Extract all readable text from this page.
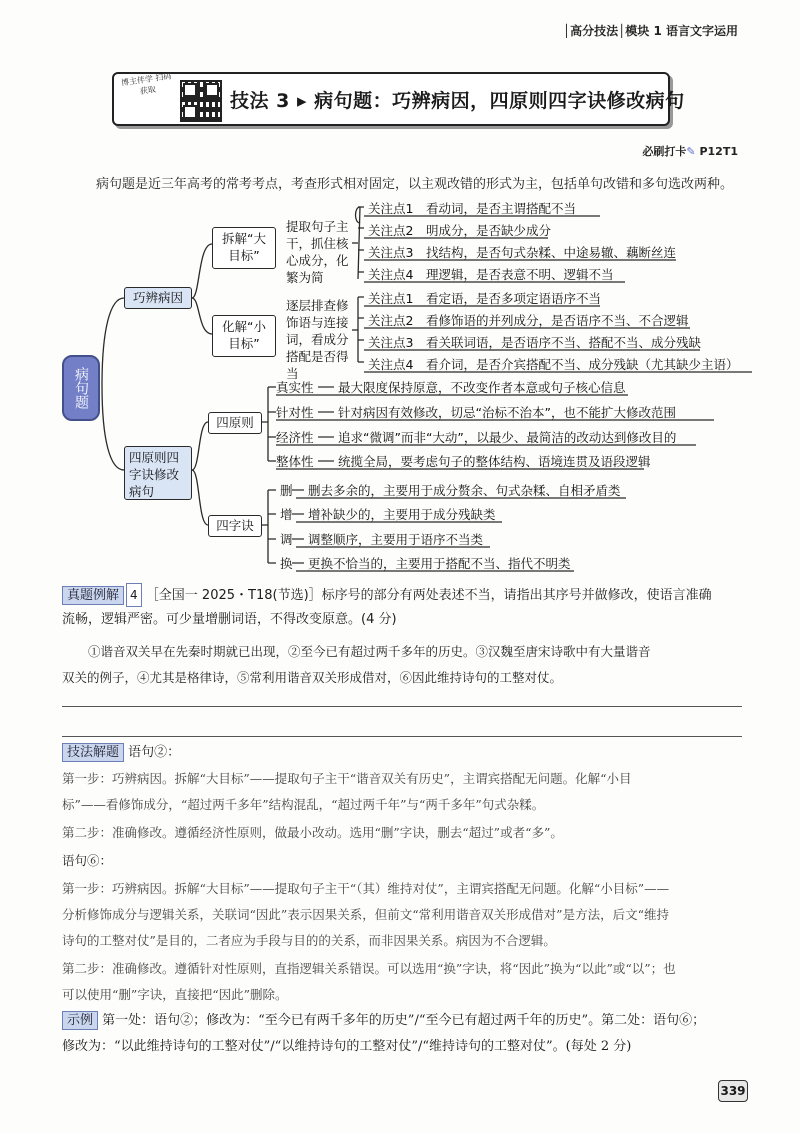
│高分技法│模块 1 语言文字运用
博主伴学 扫码获取	技法 3 ▸ 病句题：巧辨病因，四原则四字诀修改病句
必刷打卡✎ P12T1
病句题是近三年高考的常考考点，考查形式相对固定，以主观改错的形式为主，包括单句改错和多句选改两种。
病句题
巧辨病因
拆解“大目标”
提取句子主干，抓住核心成分，化繁为简
关注点1　看动词，是否主谓搭配不当
关注点2　明成分，是否缺少成分
关注点3　找结构，是否句式杂糅、中途易辙、藕断丝连
关注点4　理逻辑，是否表意不明、逻辑不当
化解“小目标”
逐层排查修饰语与连接词，看成分搭配是否得当
关注点1　看定语，是否多项定语语序不当
关注点2　看修饰语的并列成分，是否语序不当、不合逻辑
关注点3　看关联词语，是否语序不当、搭配不当、成分残缺
关注点4　看介词，是否介宾搭配不当、成分残缺（尤其缺少主语）
四原则四字诀修改病句
四原则
真实性	最大限度保持原意，不改变作者本意或句子核心信息
针对性	针对病因有效修改，切忌“治标不治本”，也不能扩大修改范围
经济性	追求“微调”而非“大动”，以最少、最简洁的改动达到修改目的
整体性	统揽全局，要考虑句子的整体结构、语境连贯及语段逻辑
四字诀
删	删去多余的，主要用于成分赘余、句式杂糅、自相矛盾类
增	增补缺少的，主要用于成分残缺类
调	调整顺序，主要用于语序不当类
换	更换不恰当的，主要用于搭配不当、指代不明类
真题例解 4 ［全国一 2025・T18(节选)］标序号的部分有两处表述不当，请指出其序号并做修改，使语言准确
流畅，逻辑严密。可少量增删词语，不得改变原意。(4 分)
①谐音双关早在先秦时期就已出现，②至今已有超过两千多年的历史。③汉魏至唐宋诗歌中有大量谐音
双关的例子，④尤其是格律诗，⑤常利用谐音双关形成借对，⑥因此维持诗句的工整对仗。
技法解题 语句②：
第一步：巧辨病因。拆解“大目标”——提取句子主干“谐音双关有历史”，主谓宾搭配无问题。化解“小目
标”——看修饰成分，“超过两千多年”结构混乱，“超过两千年”与“两千多年”句式杂糅。
第二步：准确修改。遵循经济性原则，做最小改动。选用“删”字诀，删去“超过”或者“多”。
语句⑥：
第一步：巧辨病因。拆解“大目标”——提取句子主干“（其）维持对仗”，主谓宾搭配无问题。化解“小目标”——
分析修饰成分与逻辑关系，关联词“因此”表示因果关系，但前文“常利用谐音双关形成借对”是方法，后文“维持
诗句的工整对仗”是目的，二者应为手段与目的的关系，而非因果关系。病因为不合逻辑。
第二步：准确修改。遵循针对性原则，直指逻辑关系错误。可以选用“换”字诀，将“因此”换为“以此”或“以”；也
可以使用“删”字诀，直接把“因此”删除。
示例 第一处：语句②；修改为：“至今已有两千多年的历史”/“至今已有超过两千年的历史”。第二处：语句⑥；
修改为：“以此维持诗句的工整对仗”/“以维持诗句的工整对仗”/“维持诗句的工整对仗”。(每处 2 分)
339
